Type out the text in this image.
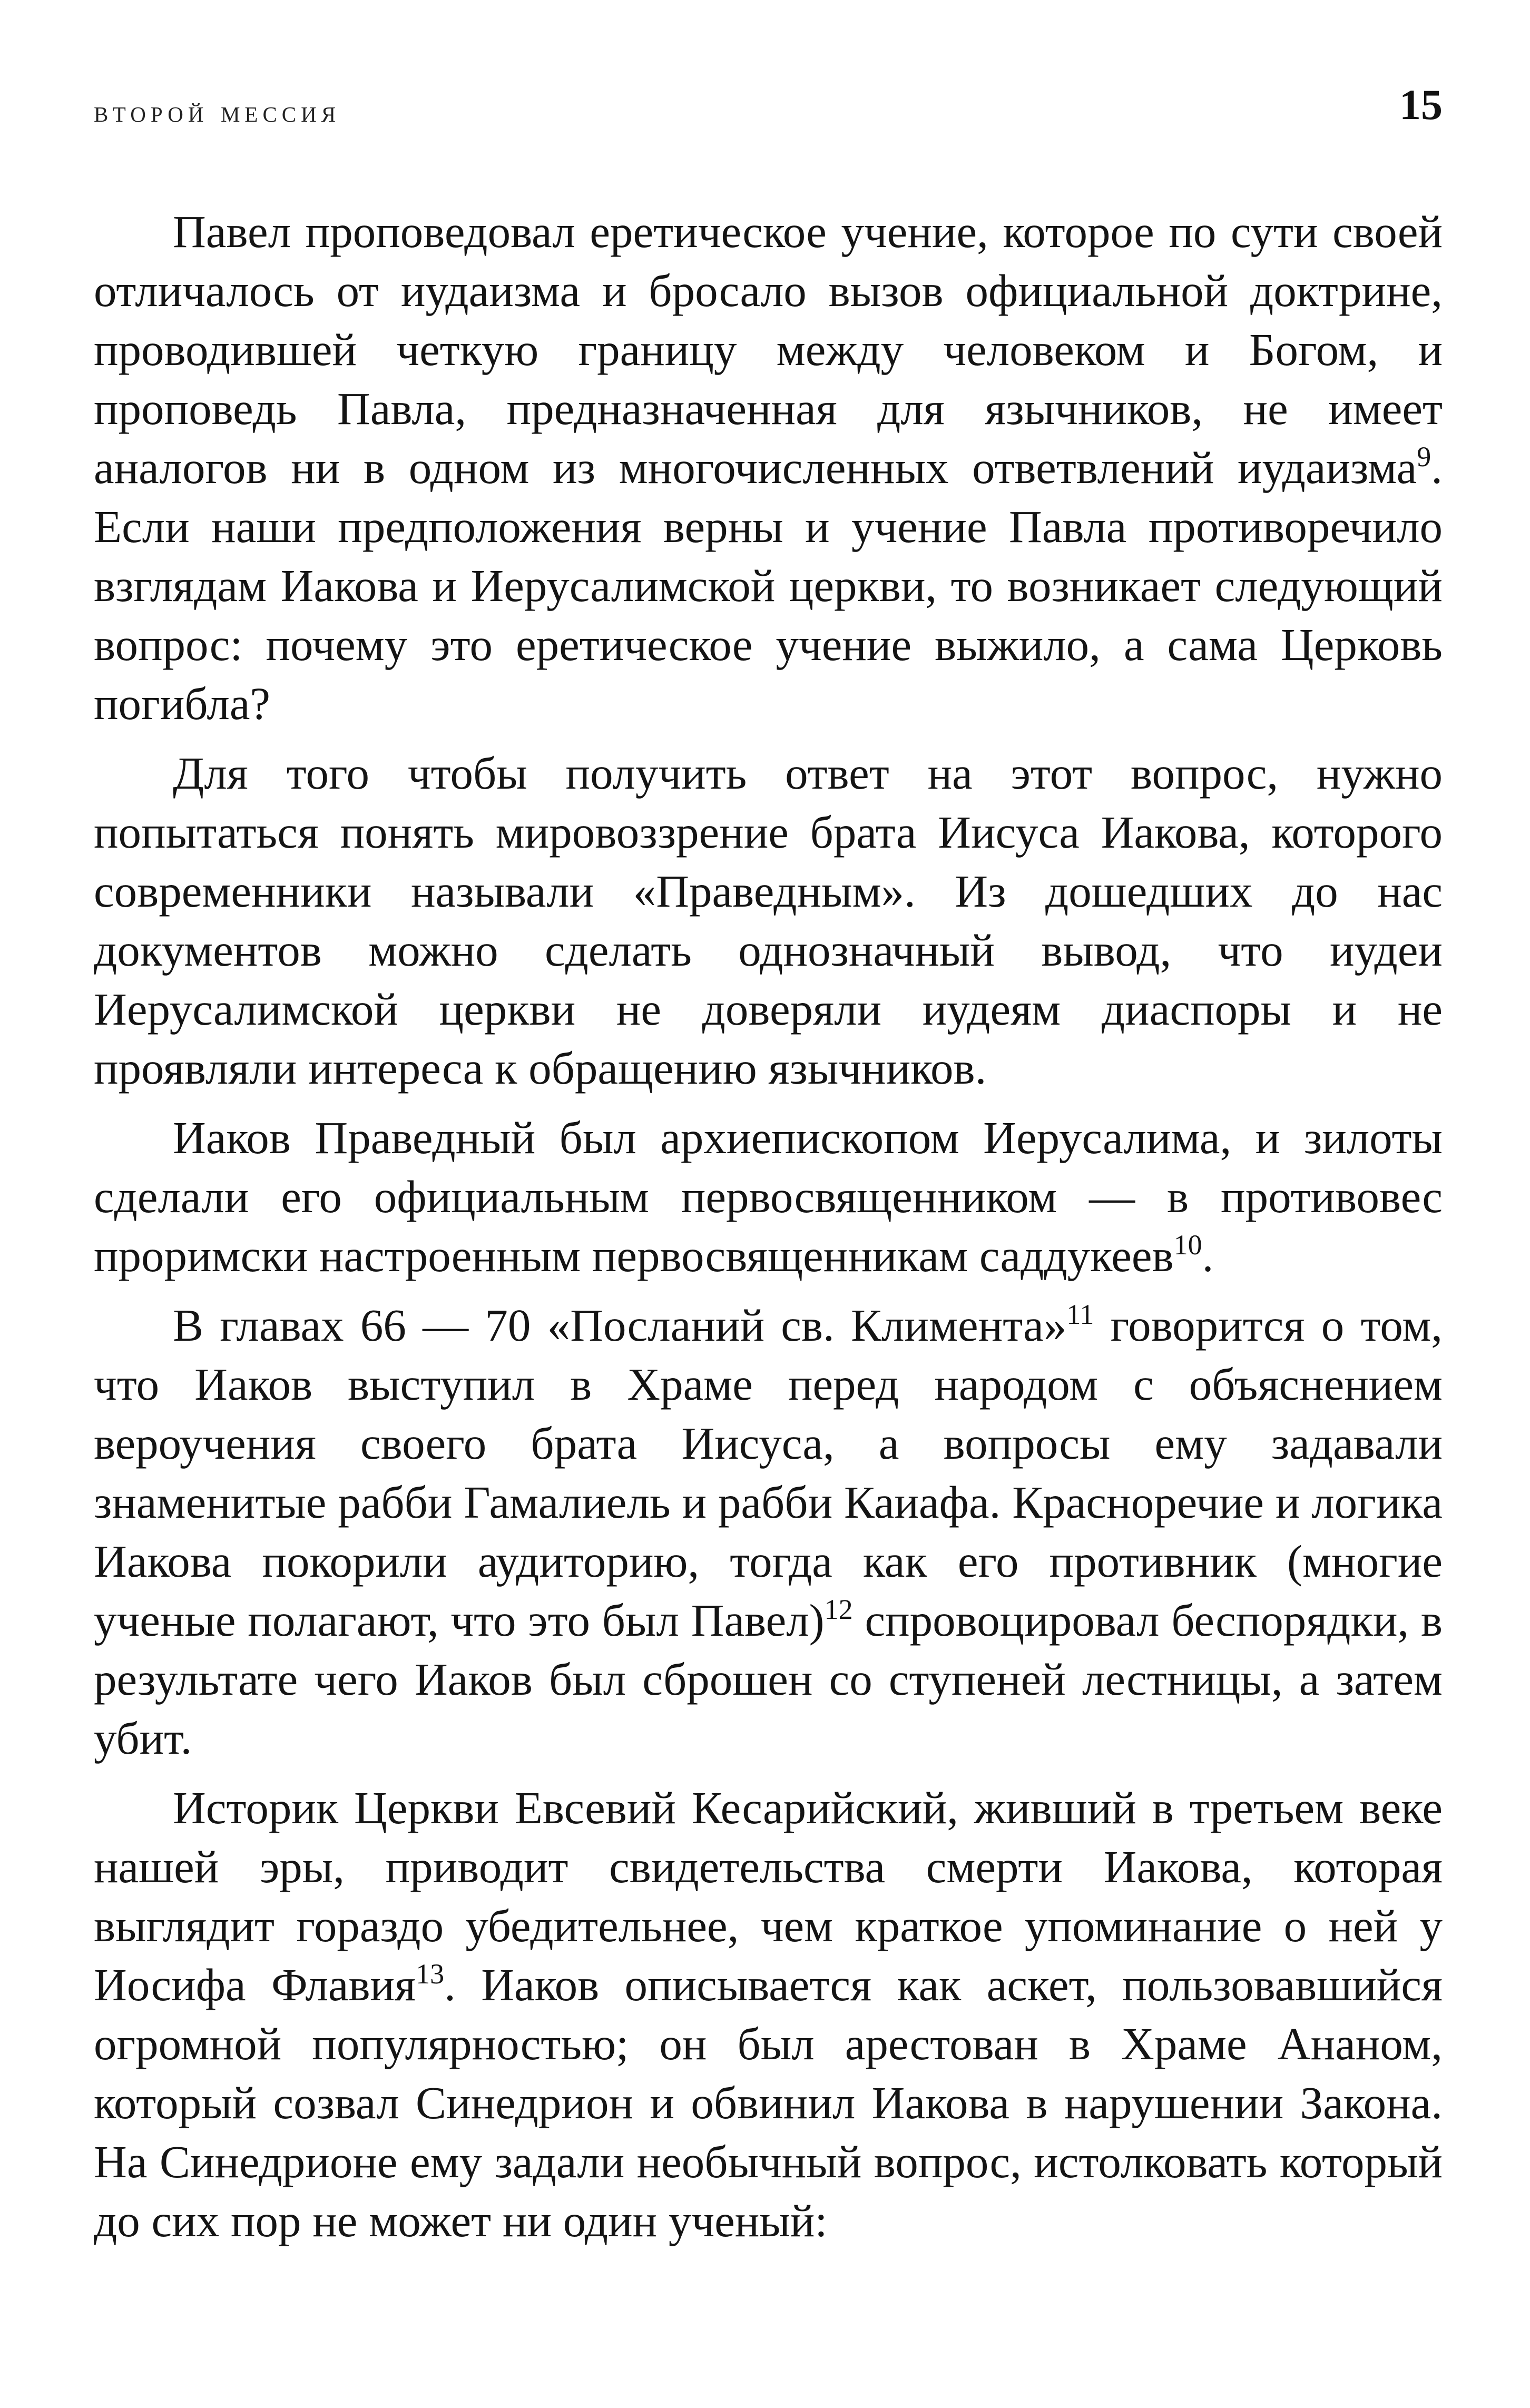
второй мессия	15

Павел проповедовал еретическое учение, которое по сути своей отличалось от иудаизма и бросало вызов официальной доктрине, проводившей четкую границу между человеком и Богом, и проповедь Павла, предназначенная для язычников, не имеет аналогов ни в одном из многочисленных ответвлений иудаизма$^9$. Если наши предположения верны и учение Павла противоречило взглядам Иакова и Иерусалимской церкви, то возникает следующий вопрос: почему это еретическое учение выжило, а сама Церковь погибла?

Для того чтобы получить ответ на этот вопрос, нужно попытаться понять мировоззрение брата Иисуса Иакова, которого современники называли «Праведным». Из дошедших до нас документов можно сделать однозначный вывод, что иудеи Иерусалимской церкви не доверяли иудеям диаспоры и не проявляли интереса к обращению язычников.

Иаков Праведный был архиепископом Иерусалима, и зилоты сделали его официальным первосвященником — в противовес проримски настроенным первосвященникам саддукеев$^{10}$.

В главах 66 — 70 «Посланий св. Климента»$^{11}$ говорится о том, что Иаков выступил в Храме перед народом с объяснением вероучения своего брата Иисуса, а вопросы ему задавали знаменитые рабби Гамалиель и рабби Каиафа. Красноречие и логика Иакова покорили аудиторию, тогда как его противник (многие ученые полагают, что это был Павел)$^{12}$ спровоцировал беспорядки, в результате чего Иаков был сброшен со ступеней лестницы, а затем убит.

Историк Церкви Евсевий Кесарийский, живший в третьем веке нашей эры, приводит свидетельства смерти Иакова, которая выглядит гораздо убедительнее, чем краткое упоминание о ней у Иосифа Флавия$^{13}$. Иаков описывается как аскет, пользовавшийся огромной популярностью; он был арестован в Храме Ананом, который созвал Синедрион и обвинил Иакова в нарушении Закона. На Синедрионе ему задали необычный вопрос, истолковать который до сих пор не может ни один ученый:
